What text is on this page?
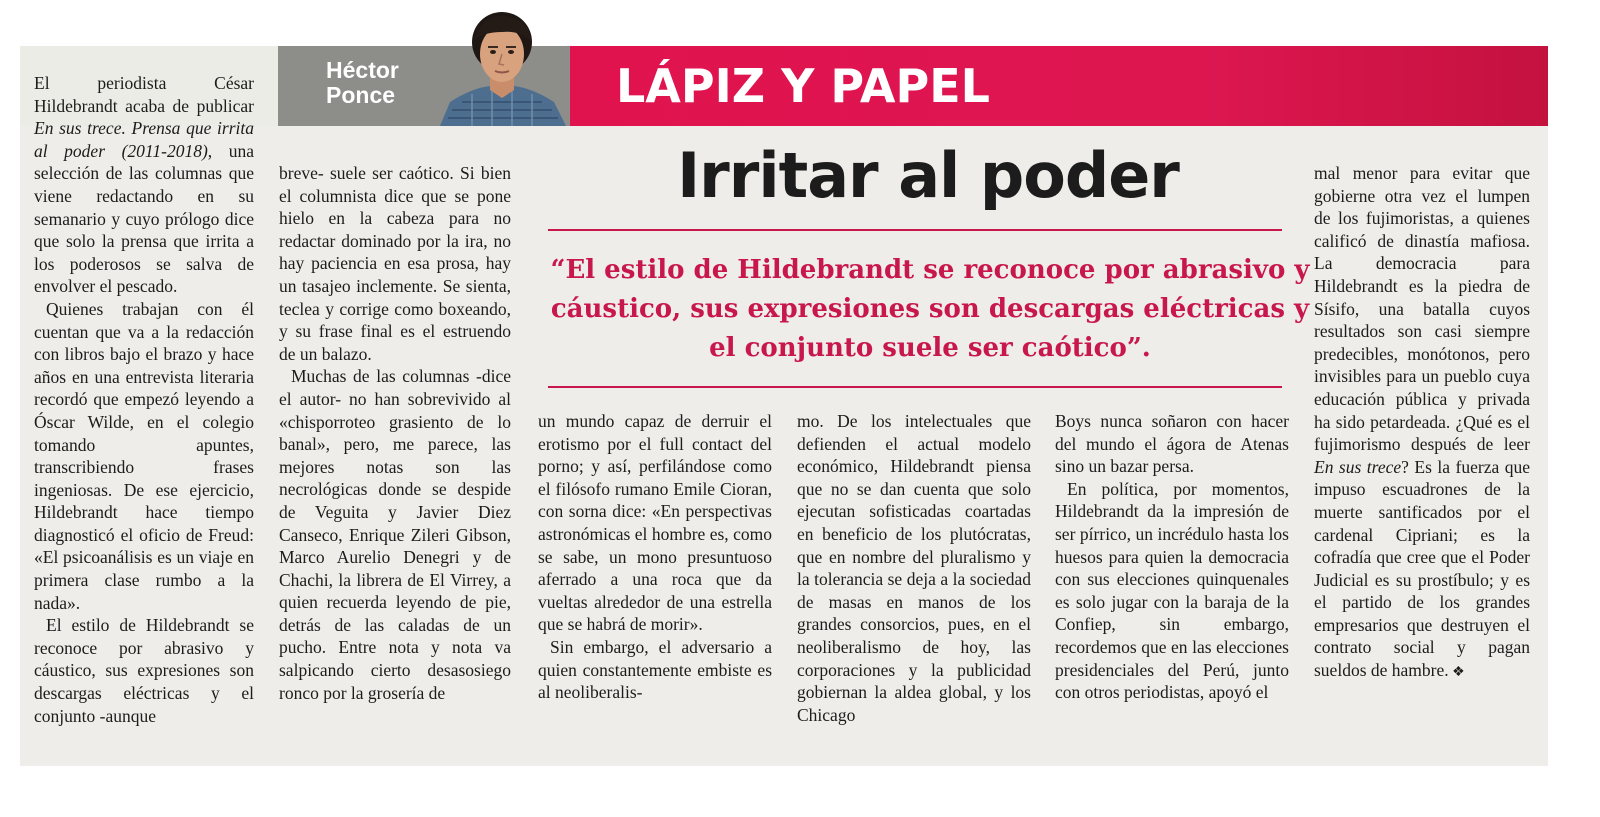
Héctor
Ponce	LÁPIZ Y PAPEL

El periodista César Hildebrandt acaba de publicar En sus trece. Prensa que irrita al poder (2011-2018), una selección de las columnas que viene redactando en su semanario y cuyo prólogo dice que solo la prensa que irrita a los poderosos se salva de envolver el pescado.

Quienes trabajan con él cuentan que va a la redacción con libros bajo el brazo y hace años en una entrevista literaria recordó que empezó leyendo a Óscar Wilde, en el colegio tomando apuntes, transcribiendo frases ingeniosas. De ese ejercicio, Hildebrandt hace tiempo diagnosticó el oficio de Freud: «El psicoanálisis es un viaje en primera clase rumbo a la nada».

El estilo de Hildebrandt se reconoce por abrasivo y cáustico, sus expresiones son descargas eléctricas y el conjunto -aunque

breve- suele ser caótico. Si bien el columnista dice que se pone hielo en la cabeza para no redactar dominado por la ira, no hay paciencia en esa prosa, hay un tasajeo inclemente. Se sienta, teclea y corrige como boxeando, y su frase final es el estruendo de un balazo.

Muchas de las columnas -dice el autor- no han sobrevivido al «chisporroteo grasiento de lo banal», pero, me parece, las mejores notas son las necrológicas donde se despide de Veguita y Javier Diez Canseco, Enrique Zileri Gibson, Marco Aurelio Denegri y de Chachi, la librera de El Virrey, a quien recuerda leyendo de pie, detrás de las caladas de un pucho. Entre nota y nota va salpicando cierto desasosiego ronco por la grosería de

Irritar al poder
“El estilo de Hildebrandt se reconoce por abrasivo y cáustico, sus expresiones son descargas eléctricas y el conjunto suele ser caótico”.

un mundo capaz de derruir el erotismo por el full contact del porno; y así, perfilándose como el filósofo rumano Emile Cioran, con sorna dice: «En perspectivas astronómicas el hombre es, como se sabe, un mono presuntuoso aferrado a una roca que da vueltas alrededor de una estrella que se habrá de morir».

Sin embargo, el adversario a quien constantemente embiste es al neoliberalis-

mo. De los intelectuales que defienden el actual modelo económico, Hildebrandt piensa que no se dan cuenta que solo ejecutan sofisticadas coartadas en beneficio de los plutócratas, que en nombre del pluralismo y la tolerancia se deja a la sociedad de masas en manos de los grandes consorcios, pues, en el neoliberalismo de hoy, las corporaciones y la publicidad gobiernan la aldea global, y los Chicago

Boys nunca soñaron con hacer del mundo el ágora de Atenas sino un bazar persa.

En política, por momentos, Hildebrandt da la impresión de ser pírrico, un incrédulo hasta los huesos para quien la democracia con sus elecciones quinquenales es solo jugar con la baraja de la Confiep, sin embargo, recordemos que en las elecciones presidenciales del Perú, junto con otros periodistas, apoyó el

mal menor para evitar que gobierne otra vez el lumpen de los fujimoristas, a quienes calificó de dinastía mafiosa. La democracia para Hildebrandt es la piedra de Sísifo, una batalla cuyos resultados son casi siempre predecibles, monótonos, pero invisibles para un pueblo cuya educación pública y privada ha sido petardeada. ¿Qué es el fujimorismo después de leer En sus trece? Es la fuerza que impuso escuadrones de la muerte santificados por el cardenal Cipriani; es la cofradía que cree que el Poder Judicial es su prostíbulo; y es el partido de los grandes empresarios que destruyen el contrato social y pagan sueldos de hambre. ❖
